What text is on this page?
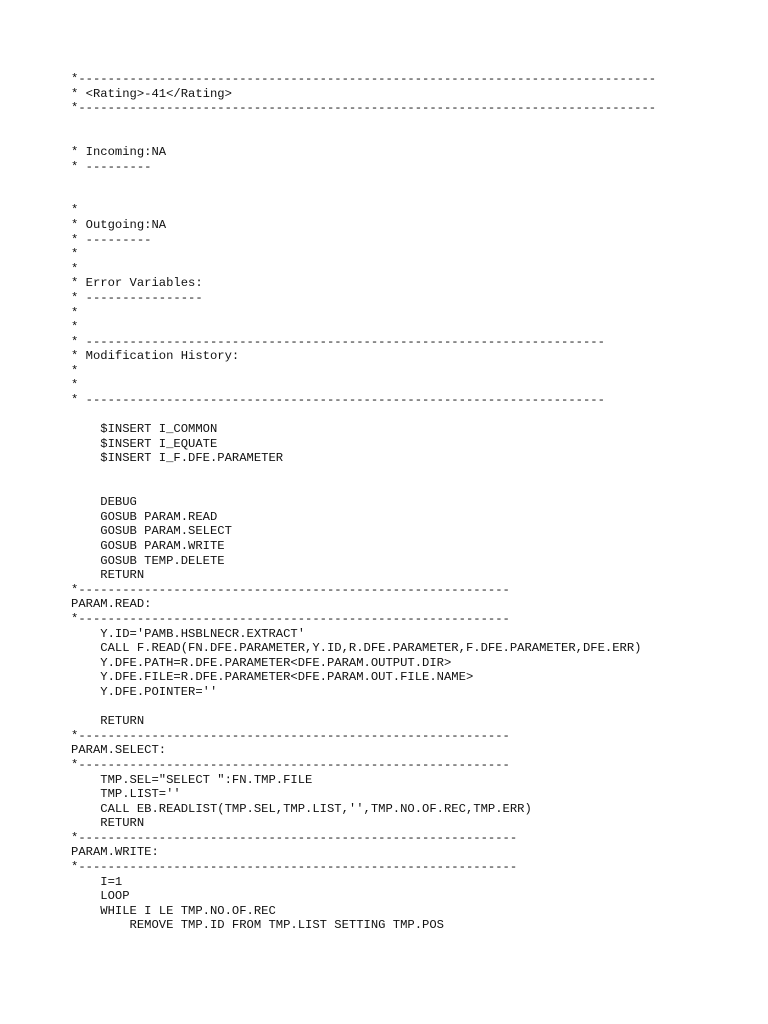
*-------------------------------------------------------------------------------
* <Rating>-41</Rating>
*-------------------------------------------------------------------------------
* Incoming:NA
* ---------
*
* Outgoing:NA
* ---------
*
*
* Error Variables:
* ----------------
*
*
* -----------------------------------------------------------------------
* Modification History:
*
*
* -----------------------------------------------------------------------
$INSERT I_COMMON
$INSERT I_EQUATE
$INSERT I_F.DFE.PARAMETER
DEBUG
GOSUB PARAM.READ
GOSUB PARAM.SELECT
GOSUB PARAM.WRITE
GOSUB TEMP.DELETE
RETURN
*-----------------------------------------------------------
PARAM.READ:
*-----------------------------------------------------------
Y.ID='PAMB.HSBLNECR.EXTRACT'
CALL F.READ(FN.DFE.PARAMETER,Y.ID,R.DFE.PARAMETER,F.DFE.PARAMETER,DFE.ERR)
Y.DFE.PATH=R.DFE.PARAMETER<DFE.PARAM.OUTPUT.DIR>
Y.DFE.FILE=R.DFE.PARAMETER<DFE.PARAM.OUT.FILE.NAME>
Y.DFE.POINTER=''
RETURN
*-----------------------------------------------------------
PARAM.SELECT:
*-----------------------------------------------------------
TMP.SEL="SELECT ":FN.TMP.FILE
TMP.LIST=''
CALL EB.READLIST(TMP.SEL,TMP.LIST,'',TMP.NO.OF.REC,TMP.ERR)
RETURN
*------------------------------------------------------------
PARAM.WRITE:
*------------------------------------------------------------
I=1
LOOP
WHILE I LE TMP.NO.OF.REC
REMOVE TMP.ID FROM TMP.LIST SETTING TMP.POS
